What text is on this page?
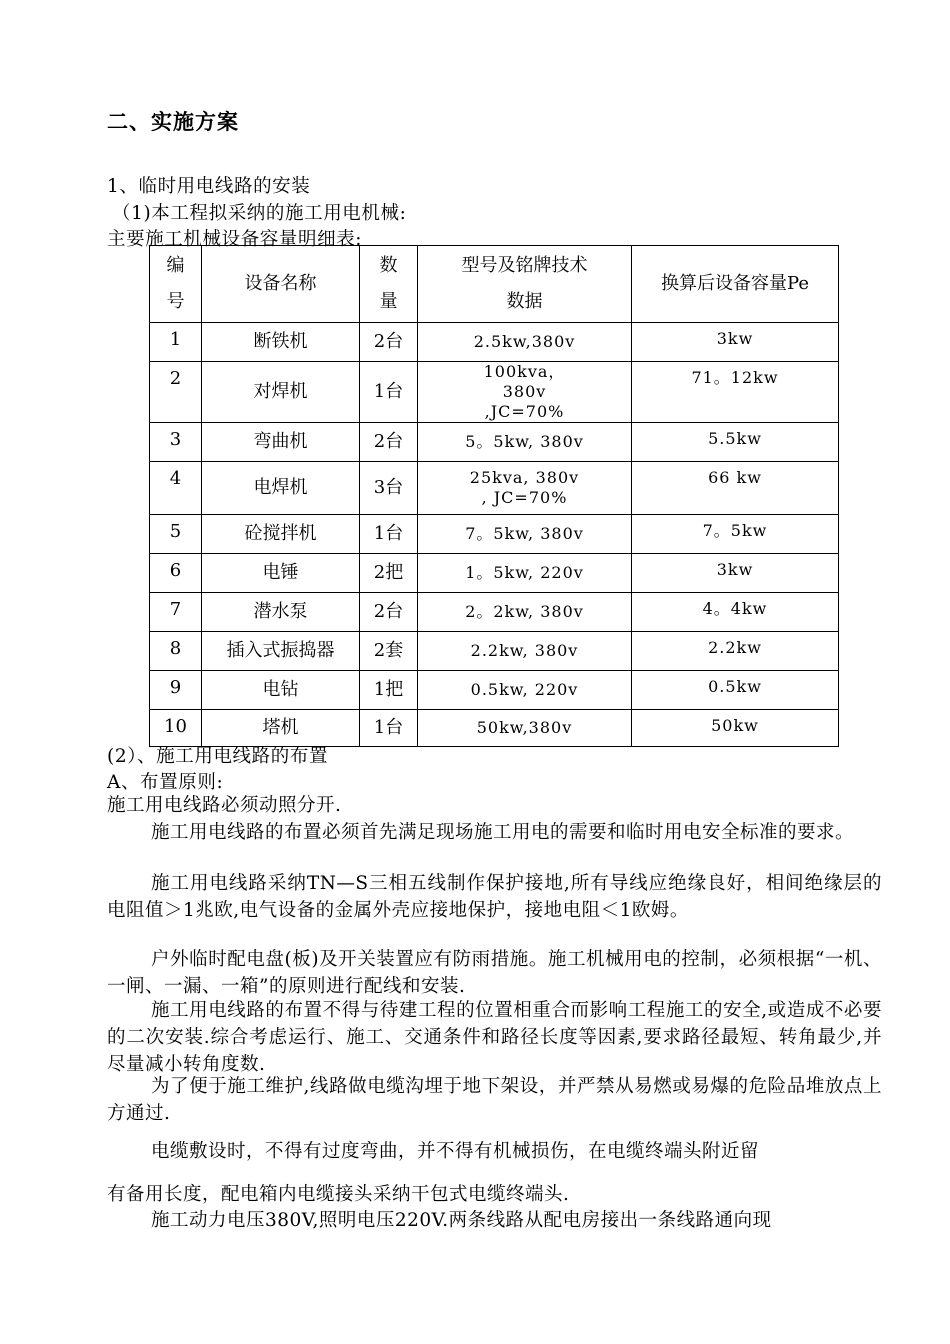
二、实施方案
1、临时用电线路的安装
（1)本工程拟采纳的施工用电机械:
主要施工机械设备容量明细表:
编号	设备名称	数量	型号及铭牌技术数据	换算后设备容量Pe
1	断铁机	2台	2.5kw,380v	3kw
2	对焊机	1台	100kva，380v ,JC=70%	71。12kw
3	弯曲机	2台	5。5kw, 380v	5.5kw
4	电焊机	3台	25kva, 380v , JC=70%	66 kw
5	砼搅拌机	1台	7。5kw, 380v	7。5kw
6	电锤	2把	1。5kw, 220v	3kw
7	潜水泵	2台	2。2kw, 380v	4。4kw
8	插入式振捣器	2套	2.2kw, 380v	2.2kw
9	电钻	1把	0.5kw, 220v	0.5kw
10	塔机	1台	50kw,380v	50kw
(2）、施工用电线路的布置
A、布置原则:
施工用电线路必须动照分开.
施工用电线路的布置必须首先满足现场施工用电的需要和临时用电安全标准的要求。
施工用电线路采纳TN—S三相五线制作保护接地,所有导线应绝缘良好，相间绝缘层的电阻值＞1兆欧,电气设备的金属外壳应接地保护，接地电阻＜1欧姆。
户外临时配电盘(板)及开关装置应有防雨措施。施工机械用电的控制，必须根据“一机、一闸、一漏、一箱”的原则进行配线和安装.
施工用电线路的布置不得与待建工程的位置相重合而影响工程施工的安全,或造成不必要的二次安装.综合考虑运行、施工、交通条件和路径长度等因素,要求路径最短、转角最少,并尽量减小转角度数.
为了便于施工维护,线路做电缆沟埋于地下架设，并严禁从易燃或易爆的危险品堆放点上方通过.
电缆敷设时，不得有过度弯曲，并不得有机械损伤，在电缆终端头附近留
有备用长度，配电箱内电缆接头采纳干包式电缆终端头.
施工动力电压380V,照明电压220V.两条线路从配电房接出一条线路通向现
